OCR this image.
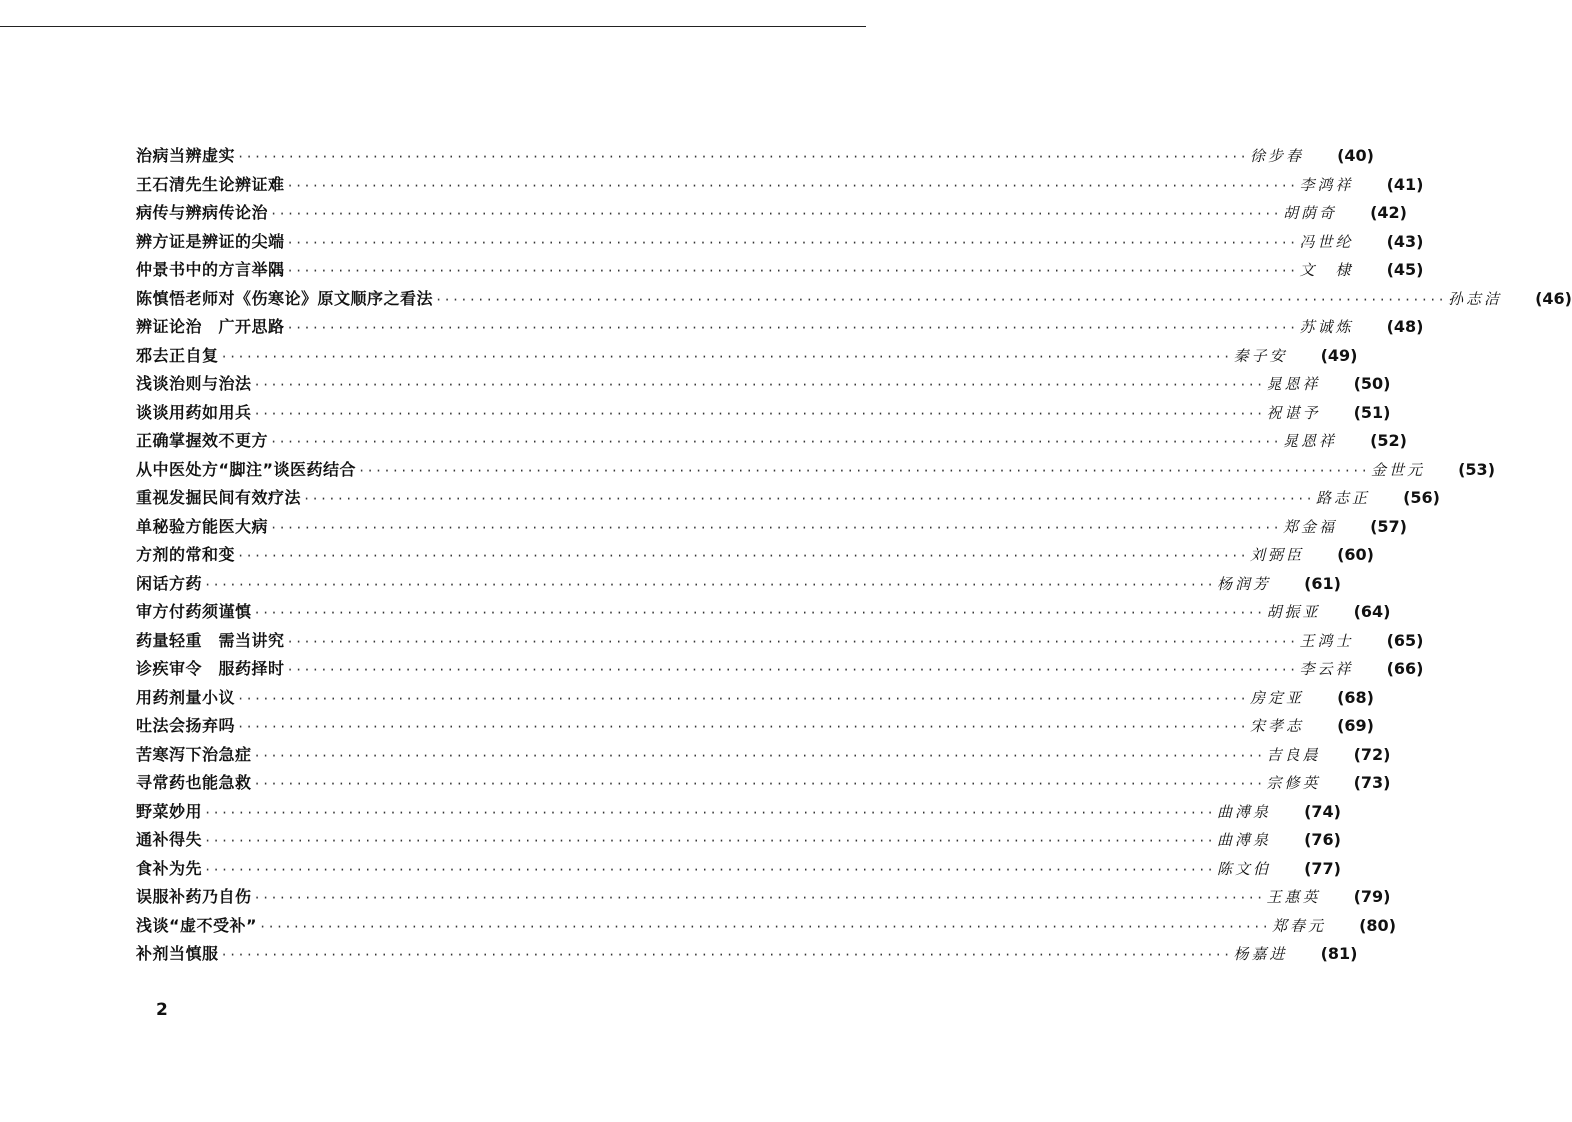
治病当辨虚实 ························································································································ 徐步春	(40)
王石清先生论辨证难 ························································································································ 李鸿祥	(41)
病传与辨病传论治 ························································································································ 胡荫奇	(42)
辨方证是辨证的尖端 ························································································································ 冯世纶	(43)
仲景书中的方言举隅 ························································································································ 文　棣	(45)
陈慎悟老师对《伤寒论》原文顺序之看法 ························································································································ 孙志洁	(46)
辨证论治　广开思路 ························································································································ 苏诚炼	(48)
邪去正自复 ························································································································ 秦子安	(49)
浅谈治则与治法 ························································································································ 晁恩祥	(50)
谈谈用药如用兵 ························································································································ 祝谌予	(51)
正确掌握效不更方 ························································································································ 晁恩祥	(52)
从中医处方“脚注”谈医药结合 ························································································································ 金世元	(53)
重视发掘民间有效疗法 ························································································································ 路志正	(56)
单秘验方能医大病 ························································································································ 郑金福	(57)
方剂的常和变 ························································································································ 刘弼臣	(60)
闲话方药 ························································································································ 杨润芳	(61)
审方付药须谨慎 ························································································································ 胡振亚	(64)
药量轻重　需当讲究 ························································································································ 王鸿士	(65)
诊疾审令　服药择时 ························································································································ 李云祥	(66)
用药剂量小议 ························································································································ 房定亚	(68)
吐法会扬弃吗 ························································································································ 宋孝志	(69)
苦寒泻下治急症 ························································································································ 吉良晨	(72)
寻常药也能急救 ························································································································ 宗修英	(73)
野菜妙用 ························································································································ 曲溥泉	(74)
通补得失 ························································································································ 曲溥泉	(76)
食补为先 ························································································································ 陈文伯	(77)
误服补药乃自伤 ························································································································ 王惠英	(79)
浅谈“虚不受补” ························································································································ 郑春元	(80)
补剂当慎服 ························································································································ 杨嘉进	(81)
2
